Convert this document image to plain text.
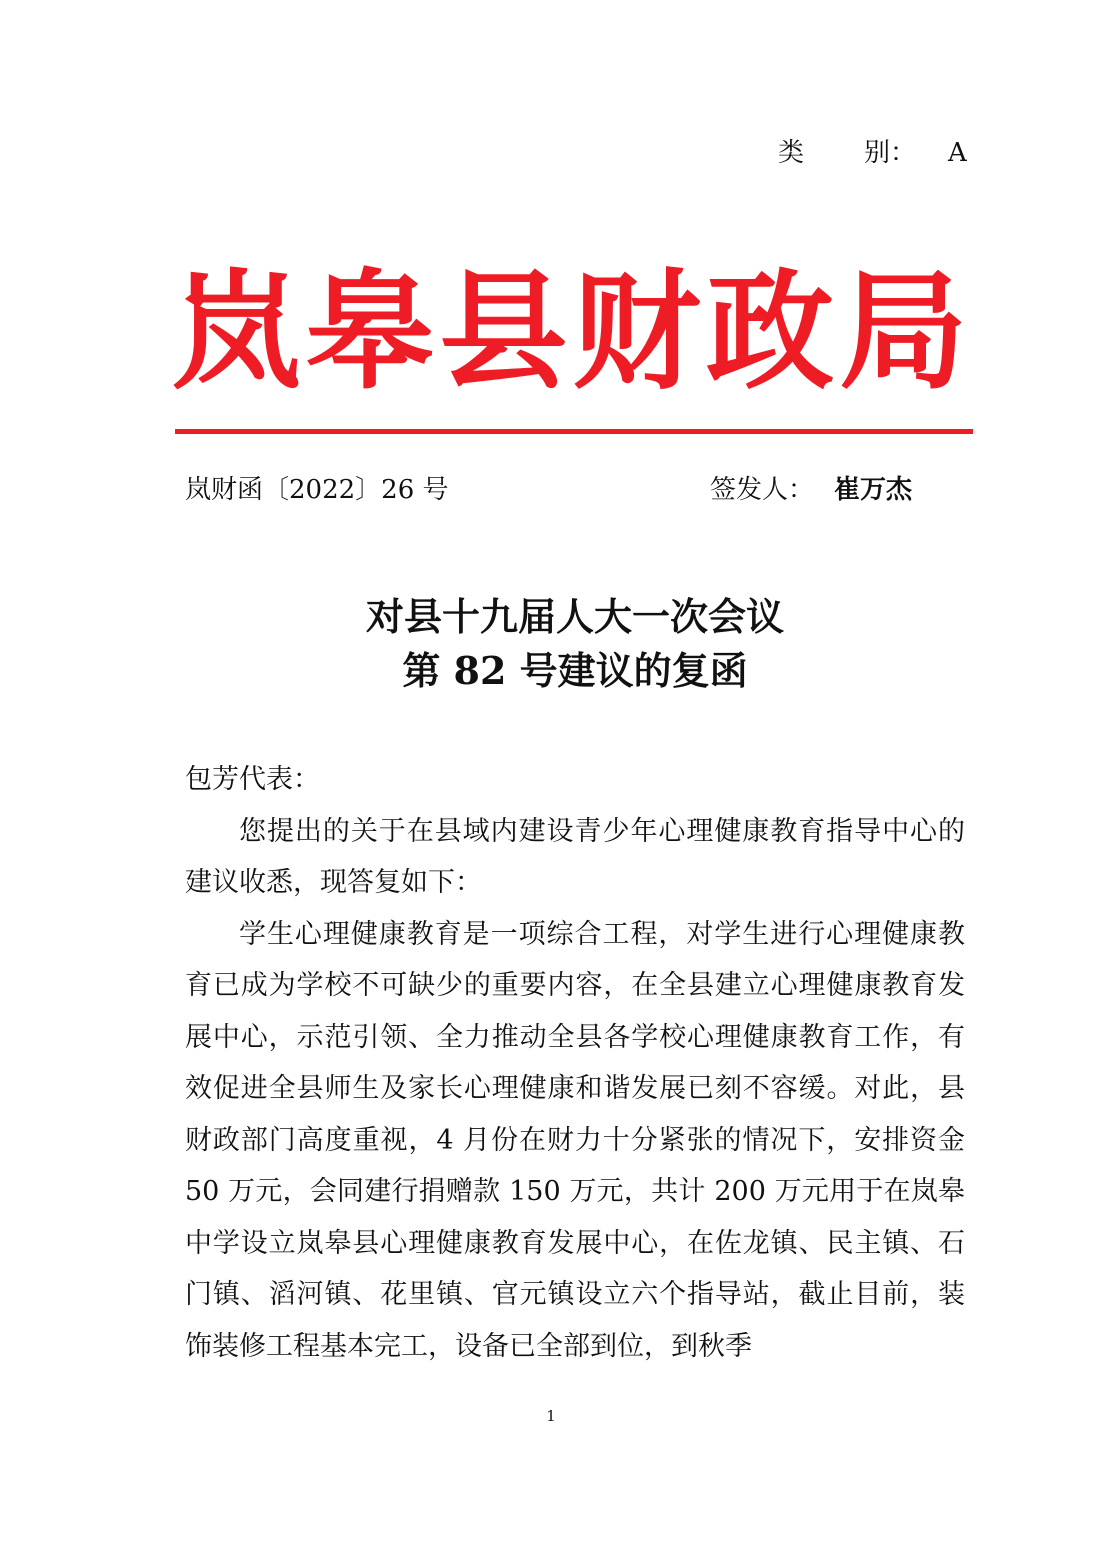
类 别： A
岚 皋 县 财 政 局
岚财函〔2022〕26 号	签发人： 崔万杰
对县十九届人大一次会议
第 82 号建议的复函

包芳代表：

您提出的关于在县域内建设青少年心理健康教育指导中心的建议收悉，现答复如下：

学生心理健康教育是一项综合工程，对学生进行心理健康教育已成为学校不可缺少的重要内容，在全县建立心理健康教育发展中心，示范引领、全力推动全县各学校心理健康教育工作，有效促进全县师生及家长心理健康和谐发展已刻不容缓。对此，县财政部门高度重视，4 月份在财力十分紧张的情况下，安排资金 50 万元，会同建行捐赠款 150 万元，共计 200 万元用于在岚皋中学设立岚皋县心理健康教育发展中心，在佐龙镇、民主镇、石门镇、滔河镇、花里镇、官元镇设立六个指导站，截止目前，装饰装修工程基本完工，设备已全部到位，到秋季

1
